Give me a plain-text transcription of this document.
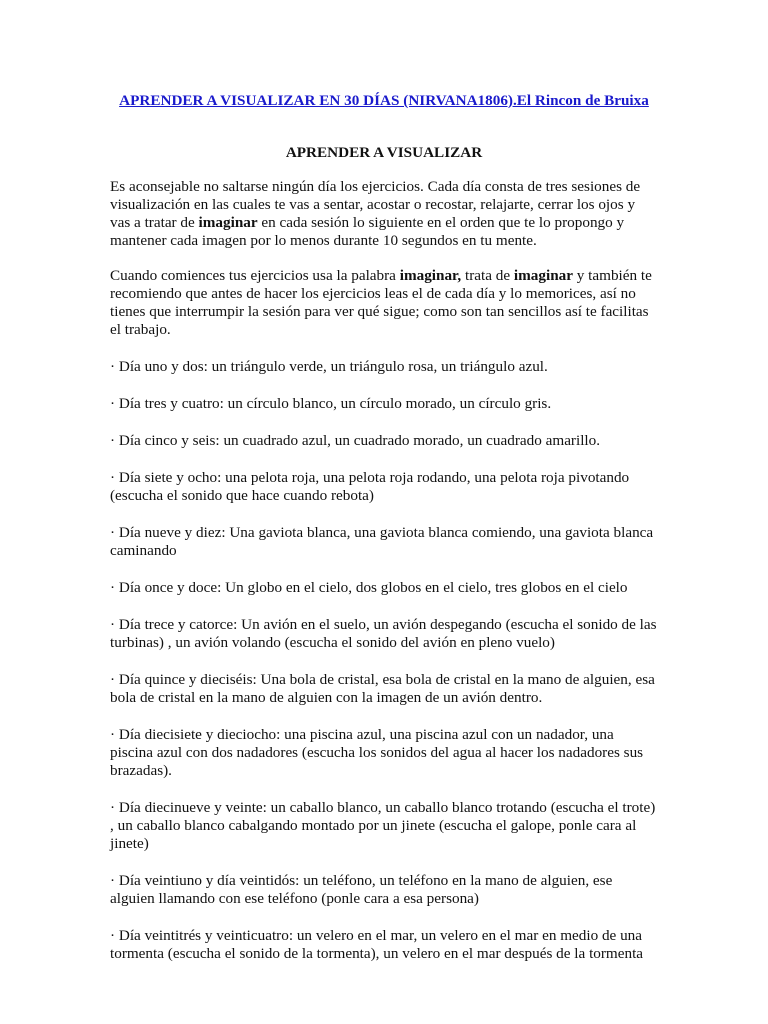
APRENDER A VISUALIZAR EN 30 DÍAS (NIRVANA1806).El Rincon de Bruixa
APRENDER A VISUALIZAR

Es aconsejable no saltarse ningún día los ejercicios. Cada día consta de tres sesiones de visualización en las cuales te vas a sentar, acostar o recostar, relajarte, cerrar los ojos y vas a tratar de imaginar en cada sesión lo siguiente en el orden que te lo propongo y mantener cada imagen por lo menos durante 10 segundos en tu mente.

Cuando comiences tus ejercicios usa la palabra imaginar, trata de imaginar y también te recomiendo que antes de hacer los ejercicios leas el de cada día y lo memorices, así no tienes que interrumpir la sesión para ver qué sigue; como son tan sencillos así te facilitas el trabajo.

· Día uno y dos: un triángulo verde, un triángulo rosa, un triángulo azul.

· Día tres y cuatro: un círculo blanco, un círculo morado, un círculo gris.

· Día cinco y seis: un cuadrado azul, un cuadrado morado, un cuadrado amarillo.

· Día siete y ocho: una pelota roja, una pelota roja rodando, una pelota roja pivotando (escucha el sonido que hace cuando rebota)

· Día nueve y diez: Una gaviota blanca, una gaviota blanca comiendo, una gaviota blanca caminando

· Día once y doce: Un globo en el cielo, dos globos en el cielo, tres globos en el cielo

· Día trece y catorce: Un avión en el suelo, un avión despegando (escucha el sonido de las turbinas) , un avión volando (escucha el sonido del avión en pleno vuelo)

· Día quince y dieciséis: Una bola de cristal, esa bola de cristal en la mano de alguien, esa bola de cristal en la mano de alguien con la imagen de un avión dentro.

· Día diecisiete y dieciocho: una piscina azul, una piscina azul con un nadador, una piscina azul con dos nadadores (escucha los sonidos del agua al hacer los nadadores sus brazadas).

· Día diecinueve y veinte: un caballo blanco, un caballo blanco trotando (escucha el trote) , un caballo blanco cabalgando montado por un jinete (escucha el galope, ponle cara al jinete)

· Día veintiuno y día veintidós: un teléfono, un teléfono en la mano de alguien, ese alguien llamando con ese teléfono (ponle cara a esa persona)

· Día veintitrés y veinticuatro: un velero en el mar, un velero en el mar en medio de una tormenta (escucha el sonido de la tormenta), un velero en el mar después de la tormenta
